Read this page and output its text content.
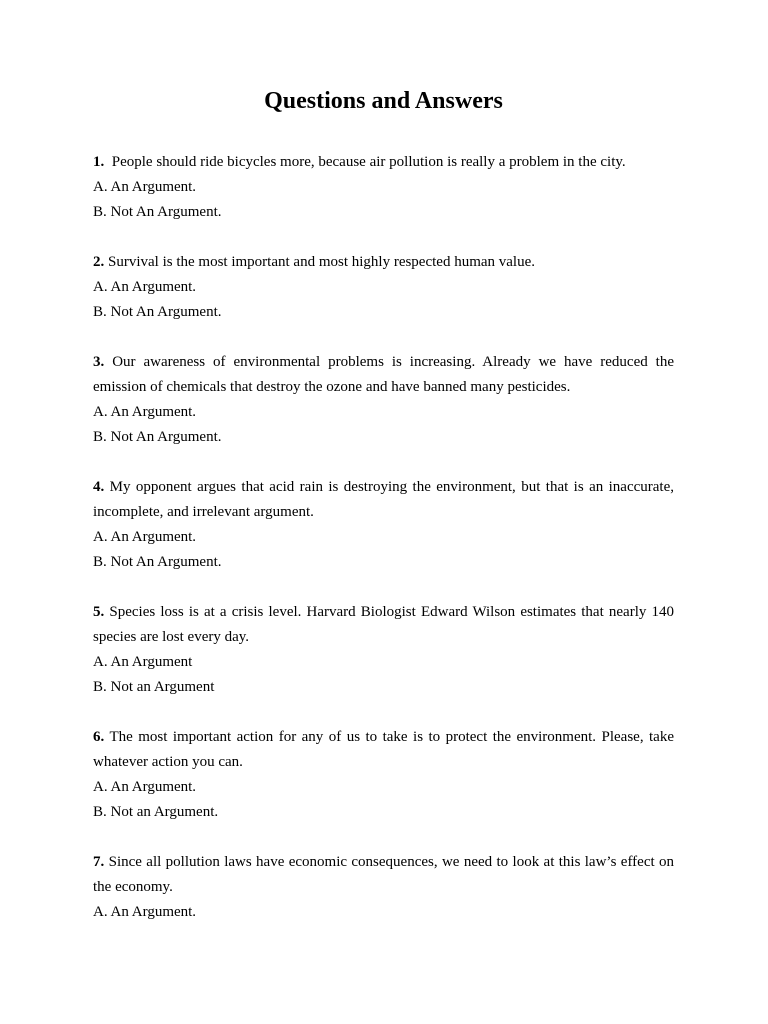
Questions and Answers

1.  People should ride bicycles more, because air pollution is really a problem in the city.

A. An Argument.

B. Not An Argument.

2. Survival is the most important and most highly respected human value.

A. An Argument.

B. Not An Argument.

3. Our awareness of environmental problems is increasing. Already we have reduced the emission of chemicals that destroy the ozone and have banned many pesticides.

A. An Argument.

B. Not An Argument.

4. My opponent argues that acid rain is destroying the environment, but that is an inaccurate, incomplete, and irrelevant argument.

A. An Argument.

B. Not An Argument.

5. Species loss is at a crisis level. Harvard Biologist Edward Wilson estimates that nearly 140 species are lost every day.

A. An Argument

B. Not an Argument

6. The most important action for any of us to take is to protect the environment. Please, take whatever action you can.

A. An Argument.

B. Not an Argument.

7. Since all pollution laws have economic consequences, we need to look at this law’s effect on the economy.

A. An Argument.
